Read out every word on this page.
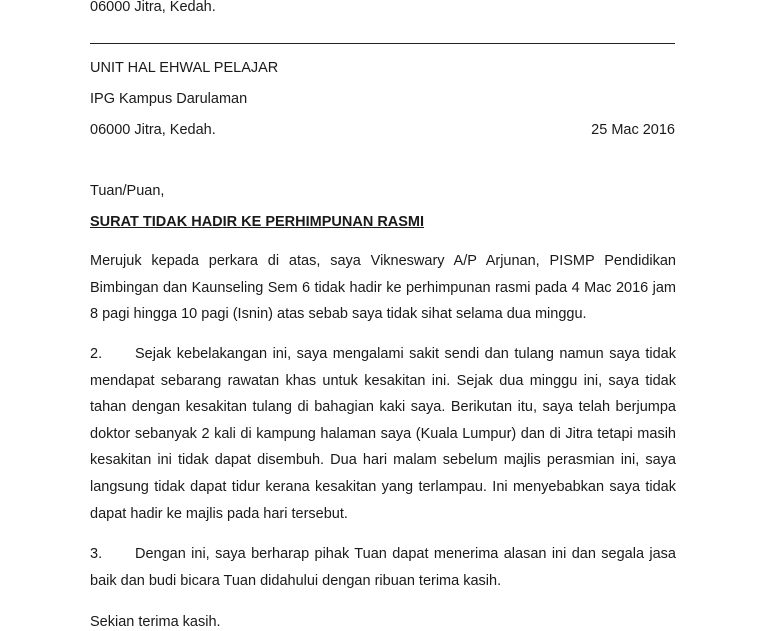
06000 Jitra, Kedah.

UNIT HAL EHWAL PELAJAR

IPG Kampus Darulaman

06000 Jitra, Kedah.	25 Mac 2016

Tuan/Puan,

SURAT TIDAK HADIR KE PERHIMPUNAN RASMI

Merujuk kepada perkara di atas, saya Vikneswary A/P Arjunan, PISMP Pendidikan Bimbingan dan Kaunseling Sem 6 tidak hadir ke perhimpunan rasmi pada 4 Mac 2016 jam 8 pagi hingga 10 pagi (Isnin) atas sebab saya tidak sihat selama dua minggu.

2. Sejak kebelakangan ini, saya mengalami sakit sendi dan tulang namun saya tidak mendapat sebarang rawatan khas untuk kesakitan ini. Sejak dua minggu ini, saya tidak tahan dengan kesakitan tulang di bahagian kaki saya. Berikutan itu, saya telah berjumpa doktor sebanyak 2 kali di kampung halaman saya (Kuala Lumpur) dan di Jitra tetapi masih kesakitan ini tidak dapat disembuh. Dua hari malam sebelum majlis perasmian ini, saya langsung tidak dapat tidur kerana kesakitan yang terlampau. Ini menyebabkan saya tidak dapat hadir ke majlis pada hari tersebut.

3. Dengan ini, saya berharap pihak Tuan dapat menerima alasan ini dan segala jasa baik dan budi bicara Tuan didahului dengan ribuan terima kasih.

Sekian terima kasih.
